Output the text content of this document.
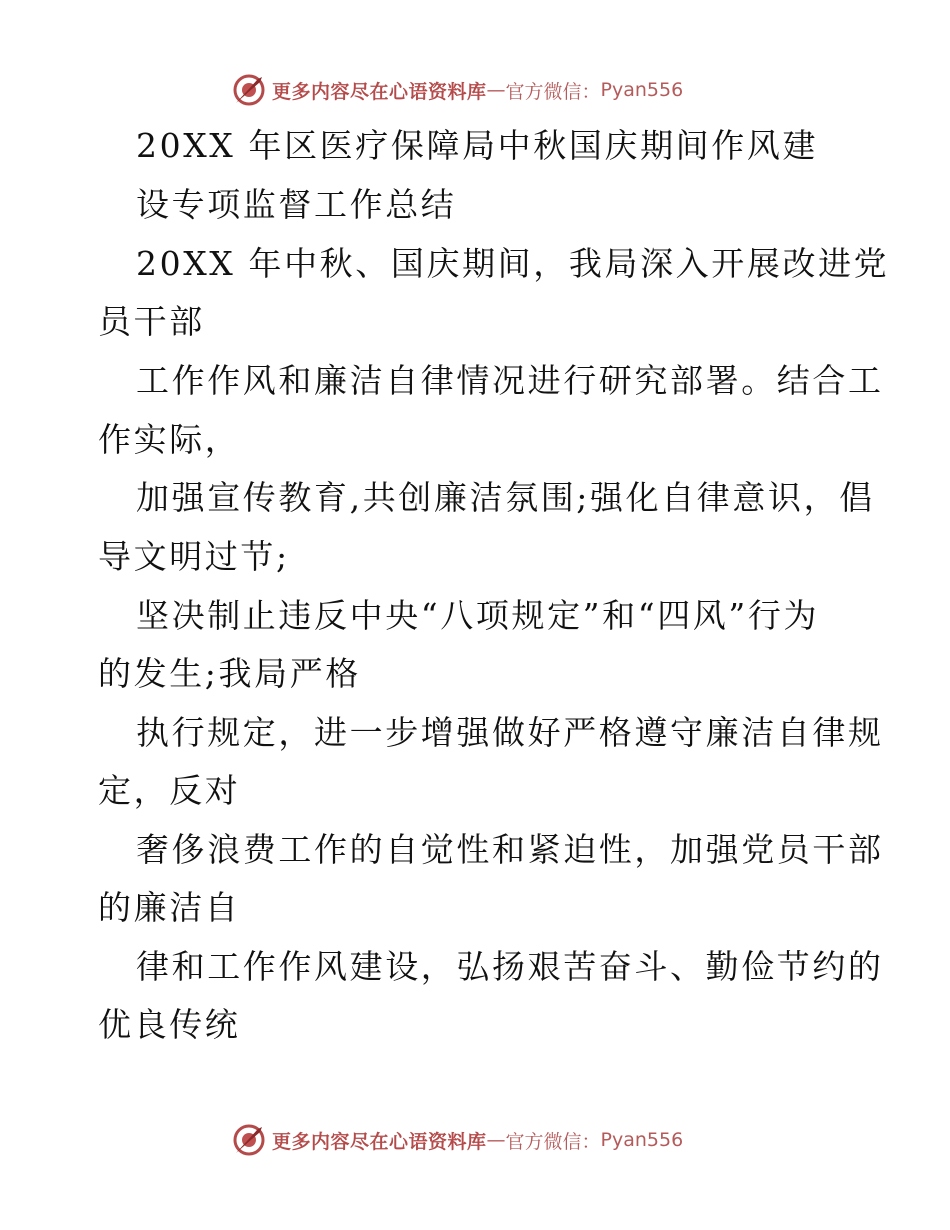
更多内容尽在心语资料库 — 官方微信： Pyan556
20XX 年区医疗保障局中秋国庆期间作风建
设专项监督工作总结
20XX 年中秋、国庆期间，我局深入开展改进党
员干部
工作作风和廉洁自律情况进行研究部署。结合工
作实际，
加强宣传教育,共创廉洁氛围;强化自律意识，倡
导文明过节;
坚决制止违反中央“八项规定”和“四风”行为
的发生;我局严格
执行规定，进一步增强做好严格遵守廉洁自律规
定，反对
奢侈浪费工作的自觉性和紧迫性，加强党员干部
的廉洁自
律和工作作风建设，弘扬艰苦奋斗、勤俭节约的
优良传统
更多内容尽在心语资料库 — 官方微信： Pyan556
